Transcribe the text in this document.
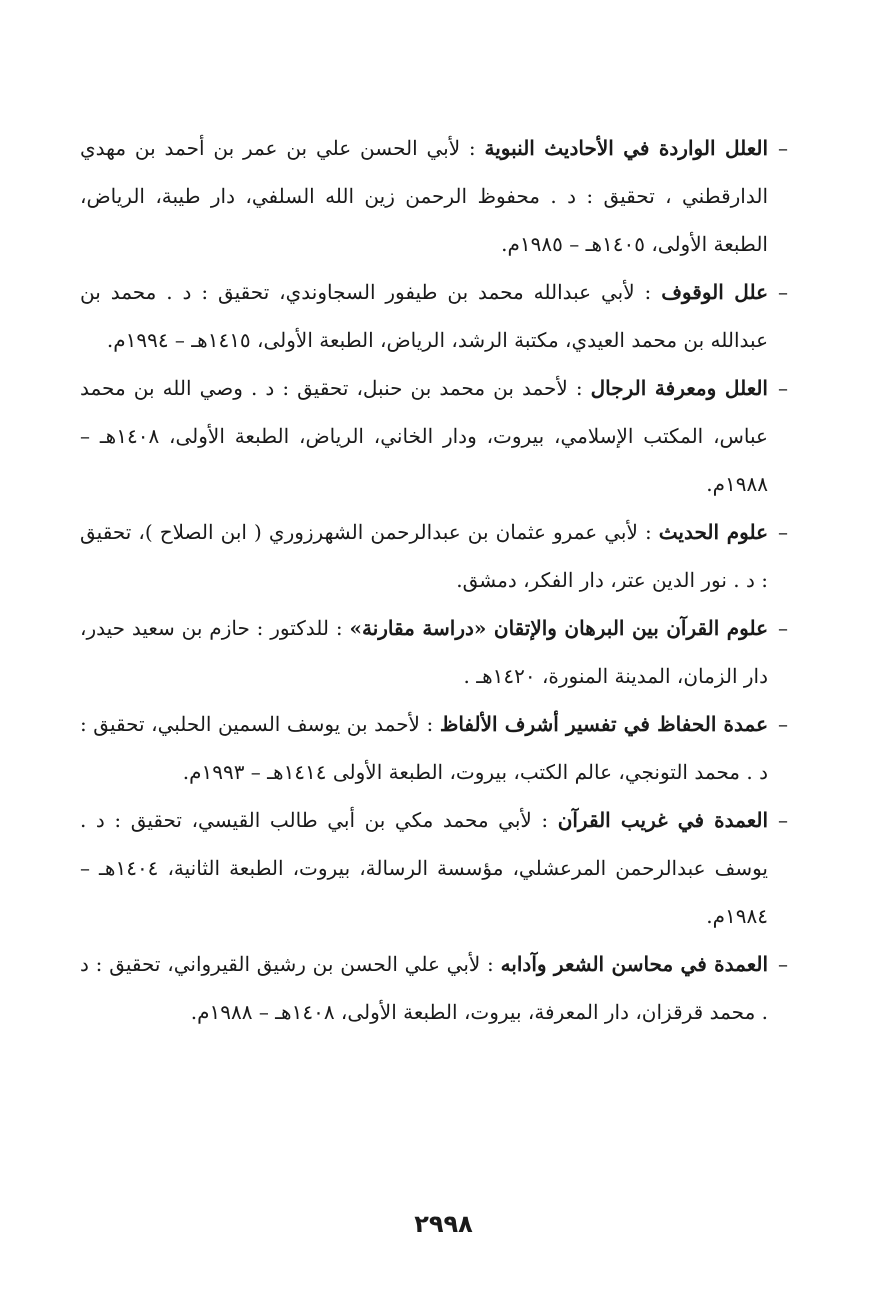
–
العلل الواردة في الأحاديث النبوية : لأبي الحسن علي بن عمر بن أحمد بن مهدي الدارقطني ، تحقيق : د . محفوظ الرحمن زين الله السلفي، دار طيبة، الرياض، الطبعة الأولى، ١٤٠٥هـ – ١٩٨٥م.
–
علل الوقوف : لأبي عبدالله محمد بن طيفور السجاوندي، تحقيق : د . محمد بن عبدالله بن محمد العيدي، مكتبة الرشد، الرياض، الطبعة الأولى، ١٤١٥هـ – ١٩٩٤م.
–
العلل ومعرفة الرجال : لأحمد بن محمد بن حنبل، تحقيق : د . وصي الله بن محمد عباس، المكتب الإسلامي، بيروت، ودار الخاني، الرياض، الطبعة الأولى، ١٤٠٨هـ – ١٩٨٨م.
–
علوم الحديث : لأبي عمرو عثمان بن عبدالرحمن الشهرزوري ( ابن الصلاح )، تحقيق : د . نور الدين عتر، دار الفكر، دمشق.
–
علوم القرآن بين البرهان والإتقان «دراسة مقارنة» : للدكتور : حازم بن سعيد حيدر، دار الزمان، المدينة المنورة، ١٤٢٠هـ .
–
عمدة الحفاظ في تفسير أشرف الألفاظ : لأحمد بن يوسف السمين الحلبي، تحقيق : د . محمد التونجي، عالم الكتب، بيروت، الطبعة الأولى ١٤١٤هـ – ١٩٩٣م.
–
العمدة في غريب القرآن : لأبي محمد مكي بن أبي طالب القيسي، تحقيق : د . يوسف عبدالرحمن المرعشلي، مؤسسة الرسالة، بيروت، الطبعة الثانية، ١٤٠٤هـ – ١٩٨٤م.
–
العمدة في محاسن الشعر وآدابه : لأبي علي الحسن بن رشيق القيرواني، تحقيق : د . محمد قرقزان، دار المعرفة، بيروت، الطبعة الأولى، ١٤٠٨هـ – ١٩٨٨م.
٢٩٩٨
